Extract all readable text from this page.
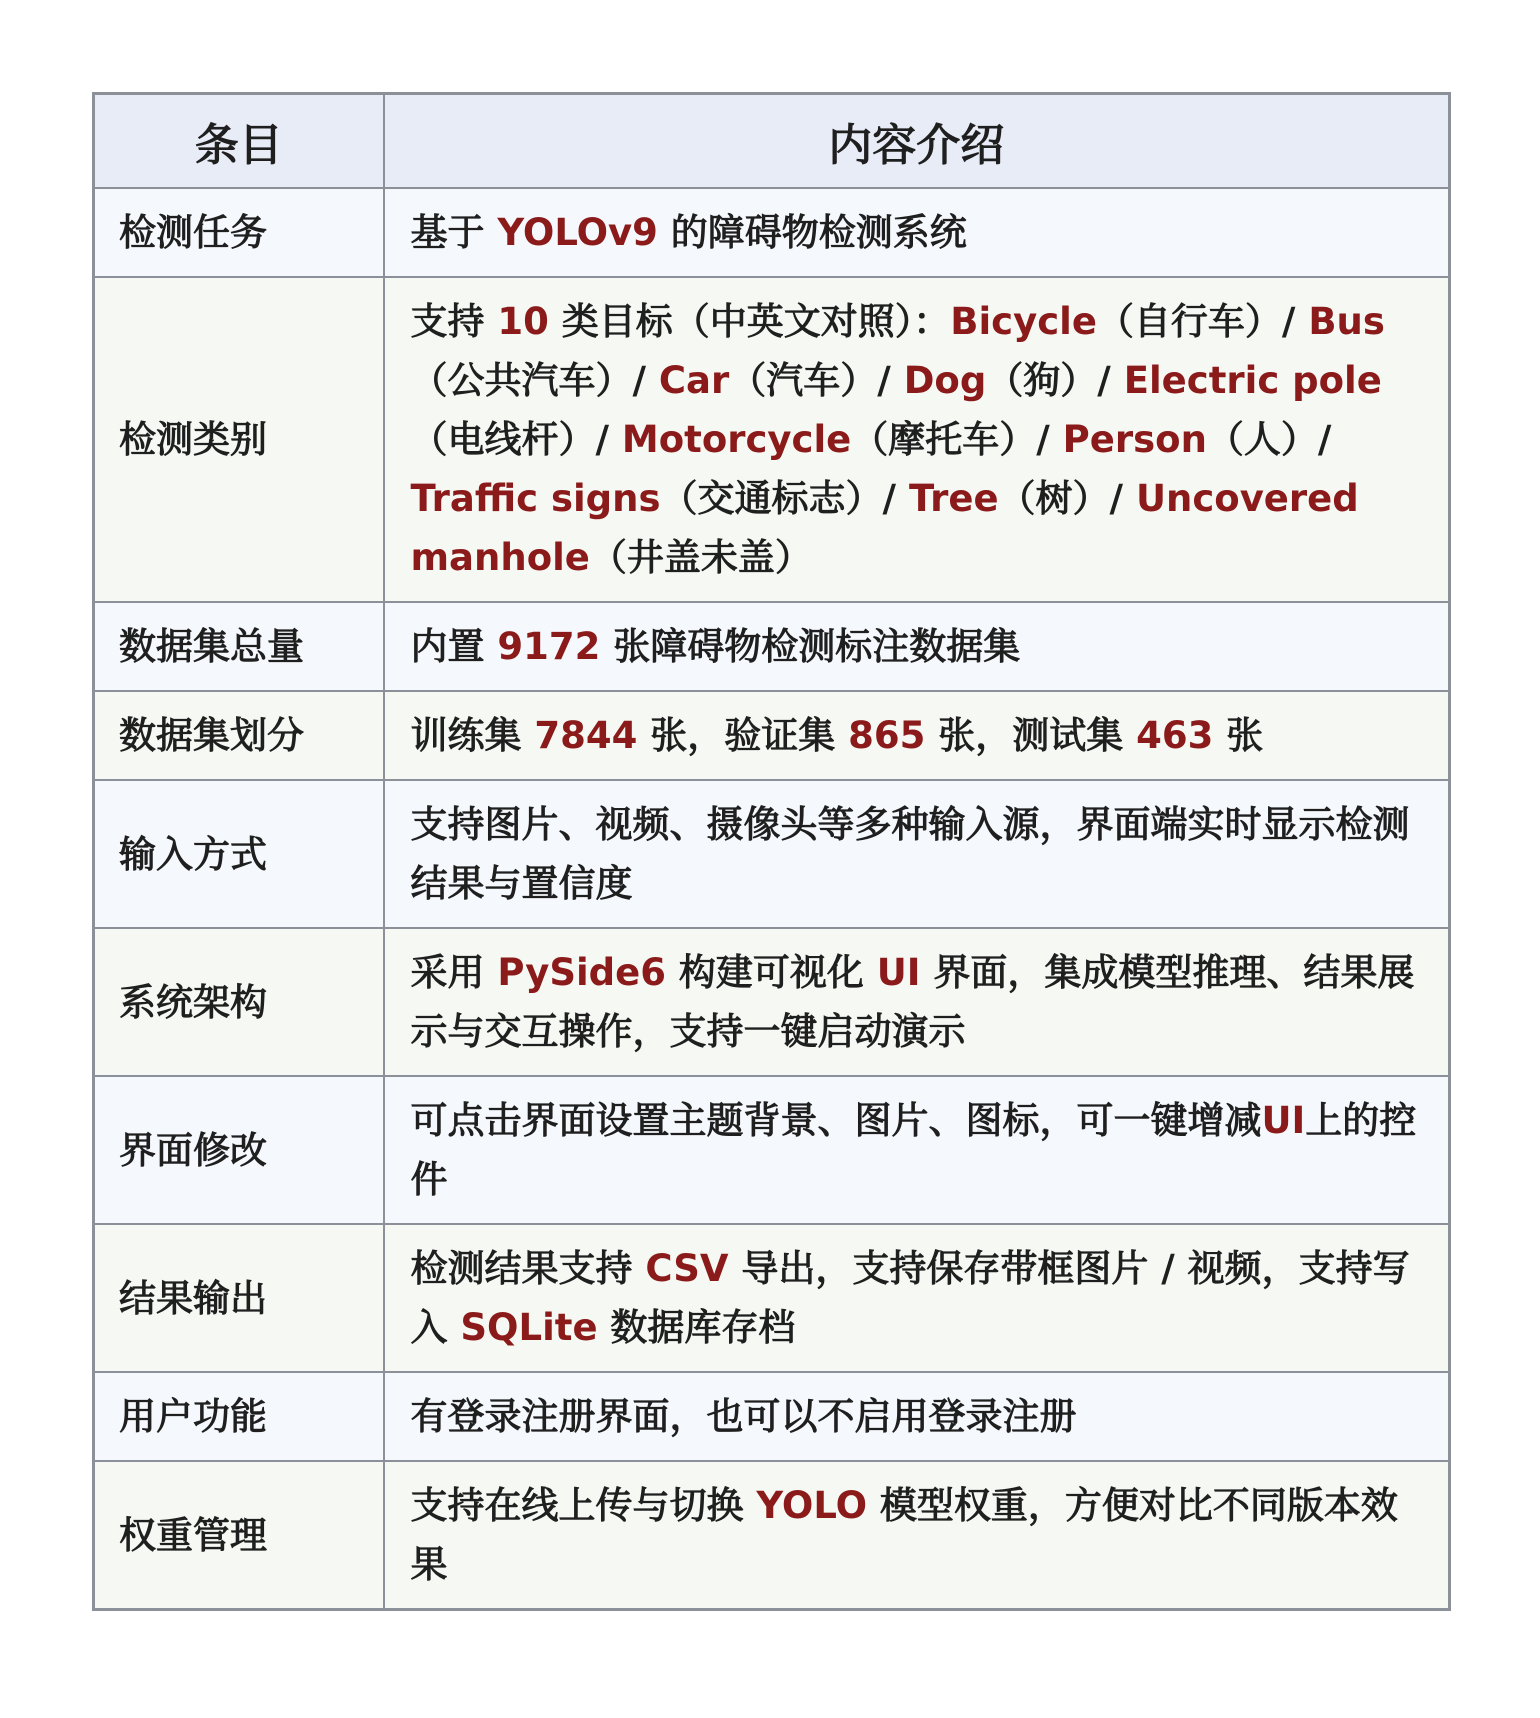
条目	内容介绍
检测任务	基于 YOLOv9 的障碍物检测系统
检测类别	支持 10 类目标（中英文对照）：Bicycle（自行车）/ Bus（公共汽车）/ Car（汽车）/ Dog（狗）/ Electric pole（电线杆）/ Motorcycle（摩托车）/ Person（人）/ Traffic signs（交通标志）/ Tree（树）/ Uncovered manhole（井盖未盖）
数据集总量	内置 9172 张障碍物检测标注数据集
数据集划分	训练集 7844 张，验证集 865 张，测试集 463 张
输入方式	支持图片、视频、摄像头等多种输入源，界面端实时显示检测结果与置信度
系统架构	采用 PySide6 构建可视化 UI 界面，集成模型推理、结果展示与交互操作，支持一键启动演示
界面修改	可点击界面设置主题背景、图片、图标，可一键增减UI上的控件
结果输出	检测结果支持 CSV 导出，支持保存带框图片 / 视频，支持写入 SQLite 数据库存档
用户功能	有登录注册界面，也可以不启用登录注册
权重管理	支持在线上传与切换 YOLO 模型权重，方便对比不同版本效果
